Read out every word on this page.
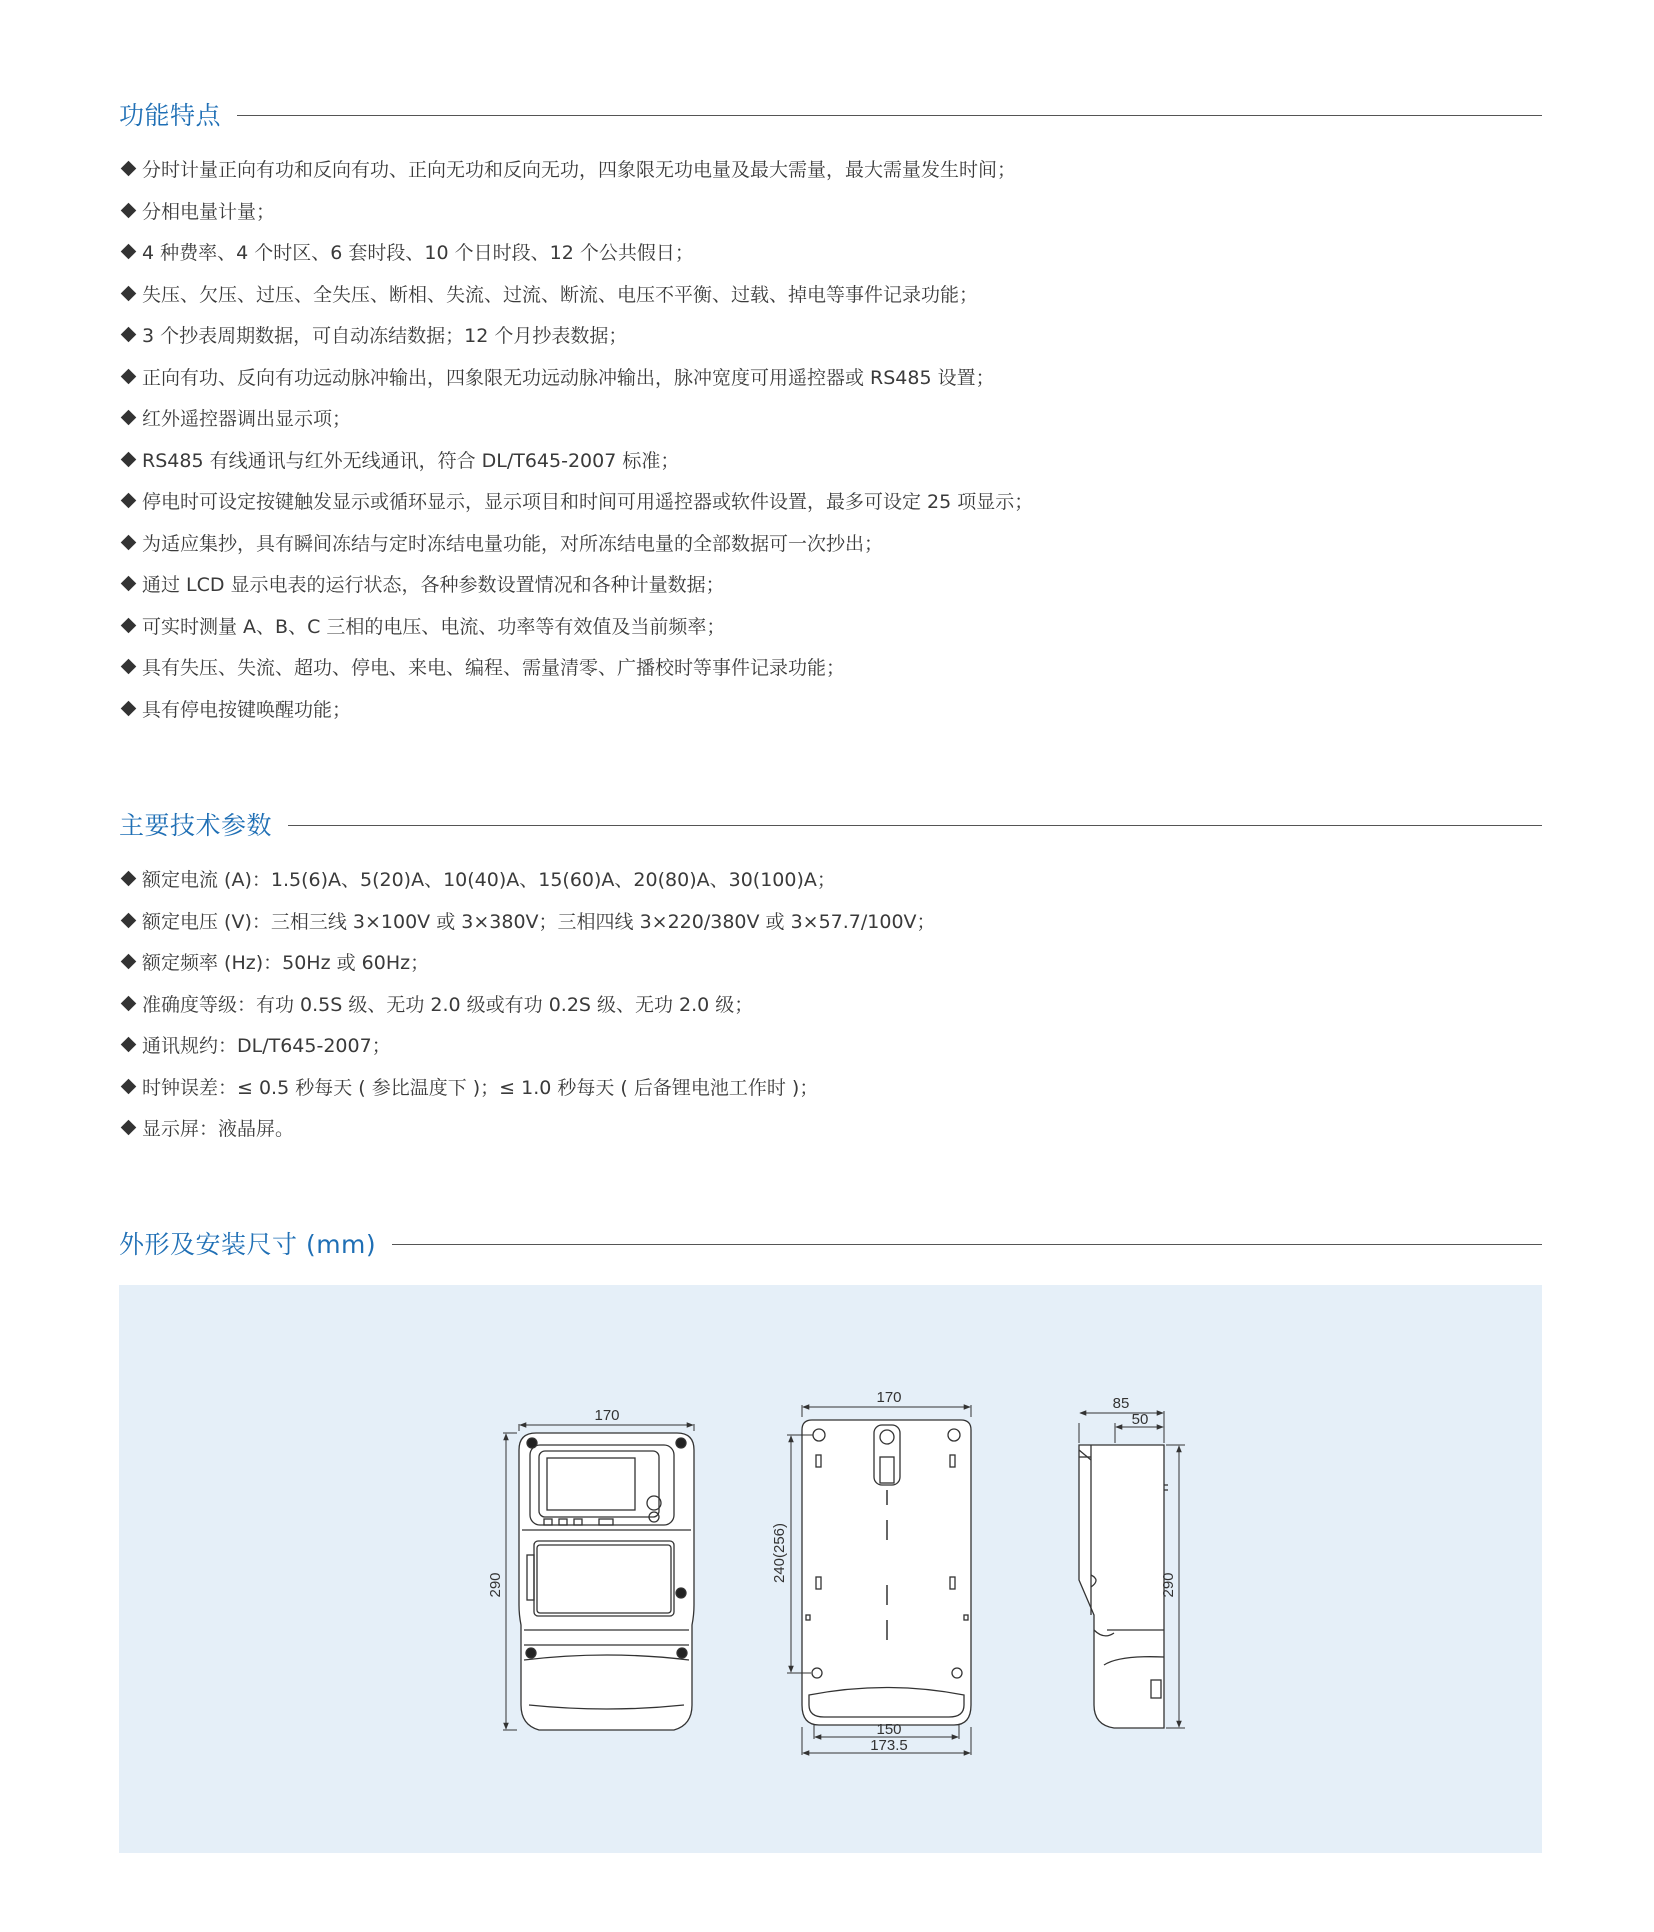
功能特点
分时计量正向有功和反向有功、正向无功和反向无功，四象限无功电量及最大需量，最大需量发生时间；
分相电量计量；
4 种费率、4 个时区、6 套时段、10 个日时段、12 个公共假日；
失压、欠压、过压、全失压、断相、失流、过流、断流、电压不平衡、过载、掉电等事件记录功能；
3 个抄表周期数据，可自动冻结数据；12 个月抄表数据；
正向有功、反向有功远动脉冲输出，四象限无功远动脉冲输出，脉冲宽度可用遥控器或 RS485 设置；
红外遥控器调出显示项；
RS485 有线通讯与红外无线通讯，符合 DL/T645-2007 标准；
停电时可设定按键触发显示或循环显示，显示项目和时间可用遥控器或软件设置，最多可设定 25 项显示；
为适应集抄，具有瞬间冻结与定时冻结电量功能，对所冻结电量的全部数据可一次抄出；
通过 LCD 显示电表的运行状态，各种参数设置情况和各种计量数据；
可实时测量 A、B、C 三相的电压、电流、功率等有效值及当前频率；
具有失压、失流、超功、停电、来电、编程、需量清零、广播校时等事件记录功能；
具有停电按键唤醒功能；
主要技术参数
额定电流 (A)：1.5(6)A、5(20)A、10(40)A、15(60)A、20(80)A、30(100)A；
额定电压 (V)：三相三线 3×100V 或 3×380V；三相四线 3×220/380V 或 3×57.7/100V；
额定频率 (Hz)：50Hz 或 60Hz；
准确度等级：有功 0.5S 级、无功 2.0 级或有功 0.2S 级、无功 2.0 级；
通讯规约：DL/T645-2007；
时钟误差：≤ 0.5 秒每天 ( 参比温度下 )；≤ 1.0 秒每天 ( 后备锂电池工作时 )；
显示屏：液晶屏。
外形及安装尺寸 (mm)
170
290
170
240(256)
150
173.5
85
50
290
